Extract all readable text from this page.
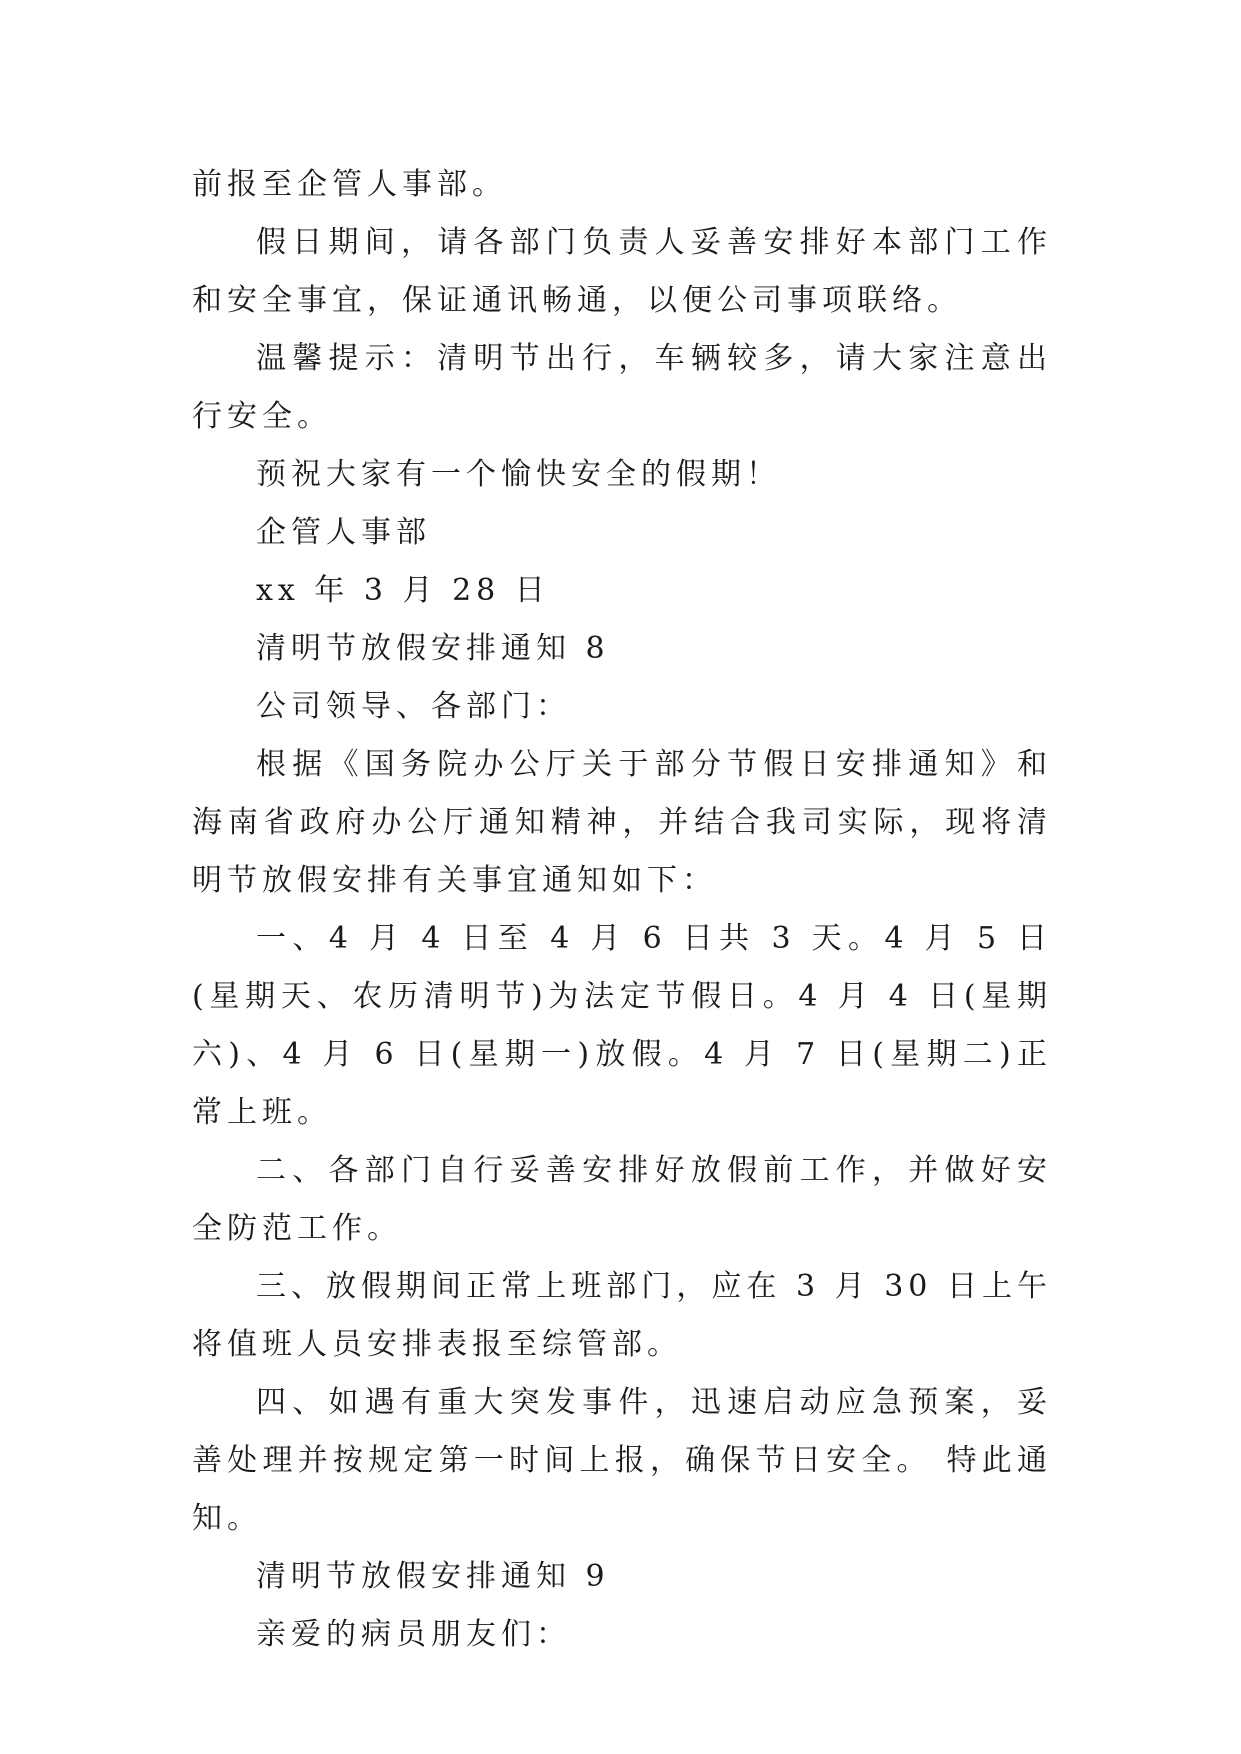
前报至企管人事部。

假日期间，请各部门负责人妥善安排好本部门工作和安全事宜，保证通讯畅通，以便公司事项联络。

温馨提示：清明节出行，车辆较多，请大家注意出行安全。

预祝大家有一个愉快安全的假期！

企管人事部

xx 年 3 月 28 日

清明节放假安排通知 8

公司领导、各部门：

根据《国务院办公厅关于部分节假日安排通知》和海南省政府办公厅通知精神，并结合我司实际，现将清明节放假安排有关事宜通知如下：

一、4 月 4 日至 4 月 6 日共 3 天。4 月 5 日(星期天、农历清明节)为法定节假日。4 月 4 日(星期六)、4 月 6 日(星期一)放假。4 月 7 日(星期二)正常上班。

二、各部门自行妥善安排好放假前工作，并做好安全防范工作。

三、放假期间正常上班部门，应在 3 月 30 日上午将值班人员安排表报至综管部。

四、如遇有重大突发事件，迅速启动应急预案，妥善处理并按规定第一时间上报，确保节日安全。 特此通知。

清明节放假安排通知 9

亲爱的病员朋友们：
